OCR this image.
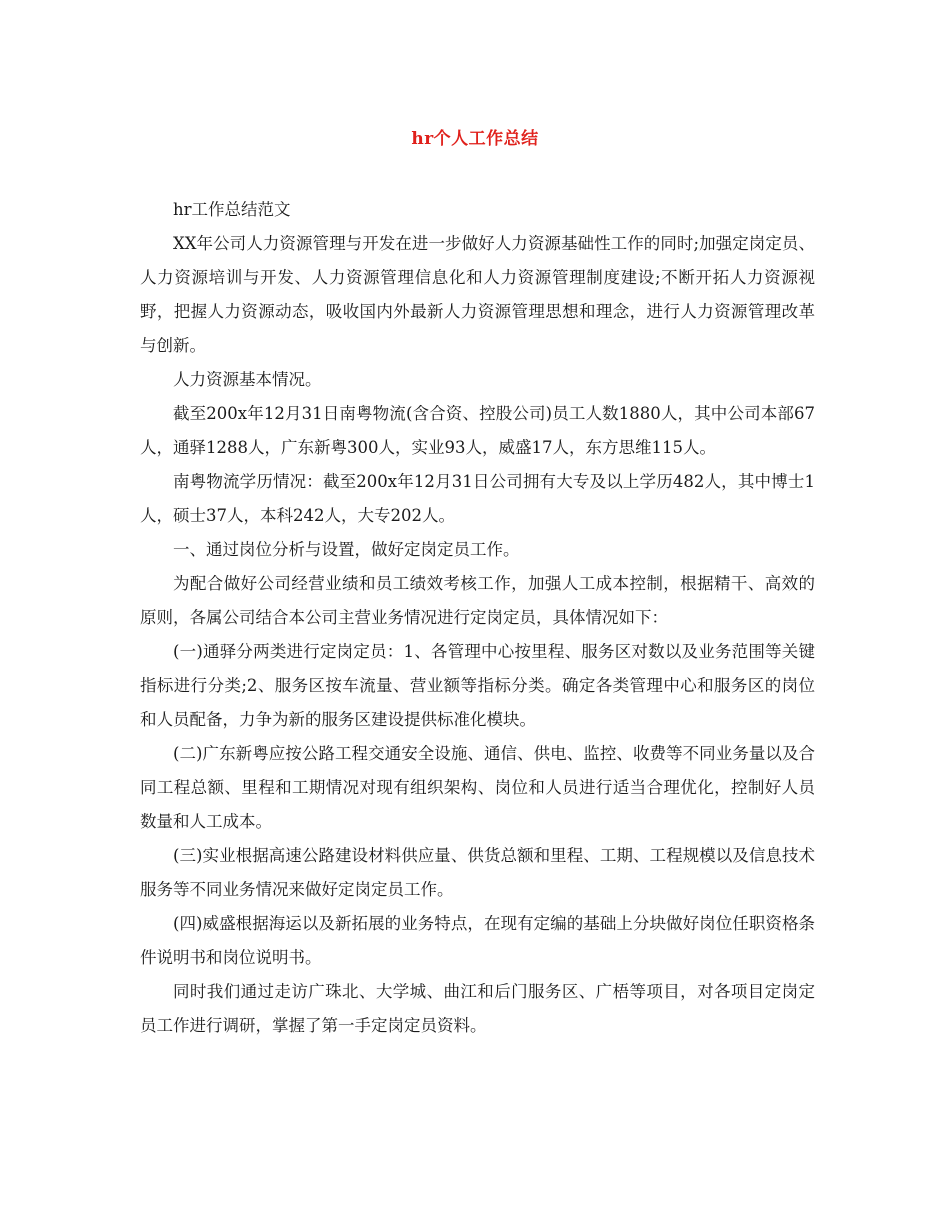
hr个人工作总结

hr工作总结范文

XX年公司人力资源管理与开发在进一步做好人力资源基础性工作的同时;加强定岗定员、人力资源培训与开发、人力资源管理信息化和人力资源管理制度建设;不断开拓人力资源视野，把握人力资源动态，吸收国内外最新人力资源管理思想和理念，进行人力资源管理改革与创新。

人力资源基本情况。

截至200x年12月31日南粤物流(含合资、控股公司)员工人数1880人，其中公司本部67人，通驿1288人，广东新粤300人，实业93人，威盛17人，东方思维115人。

南粤物流学历情况：截至200x年12月31日公司拥有大专及以上学历482人，其中博士1人，硕士37人，本科242人，大专202人。

一、通过岗位分析与设置，做好定岗定员工作。

为配合做好公司经营业绩和员工绩效考核工作，加强人工成本控制，根据精干、高效的原则，各属公司结合本公司主营业务情况进行定岗定员，具体情况如下：

(一)通驿分两类进行定岗定员：1、各管理中心按里程、服务区对数以及业务范围等关键指标进行分类;2、服务区按车流量、营业额等指标分类。确定各类管理中心和服务区的岗位和人员配备，力争为新的服务区建设提供标准化模块。

(二)广东新粤应按公路工程交通安全设施、通信、供电、监控、收费等不同业务量以及合同工程总额、里程和工期情况对现有组织架构、岗位和人员进行适当合理优化，控制好人员数量和人工成本。

(三)实业根据高速公路建设材料供应量、供货总额和里程、工期、工程规模以及信息技术服务等不同业务情况来做好定岗定员工作。

(四)威盛根据海运以及新拓展的业务特点，在现有定编的基础上分块做好岗位任职资格条件说明书和岗位说明书。

同时我们通过走访广珠北、大学城、曲江和后门服务区、广梧等项目，对各项目定岗定员工作进行调研，掌握了第一手定岗定员资料。
